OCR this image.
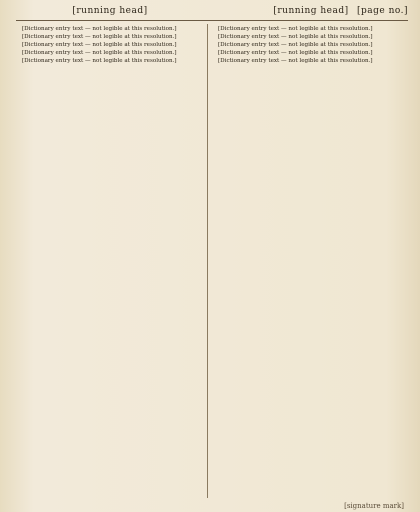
[running head]	[running head] [page no.]

[Dictionary entry text — not legible at this resolution.]

[Dictionary entry text — not legible at this resolution.]

[Dictionary entry text — not legible at this resolution.]

[Dictionary entry text — not legible at this resolution.]

[Dictionary entry text — not legible at this resolution.]

[Dictionary entry text — not legible at this resolution.]

[Dictionary entry text — not legible at this resolution.]

[Dictionary entry text — not legible at this resolution.]

[Dictionary entry text — not legible at this resolution.]

[Dictionary entry text — not legible at this resolution.]

[signature mark]
